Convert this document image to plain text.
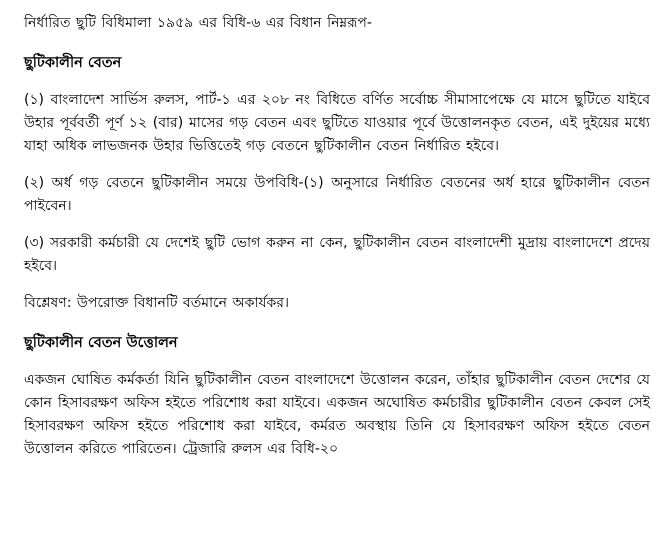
নির্ধারিত ছুটি বিধিমালা ১৯৫৯ এর বিধি-৬ এর বিধান নিম্নরূপ-

ছুটিকালীন বেতন

(১) বাংলাদেশ সার্ভিস রুলস, পার্ট-১ এর ২০৮ নং বিধিতে বর্ণিত সর্বোচ্চ সীমাসাপেক্ষে যে মাসে ছুটিতে যাইবে উহার পূর্ববর্তী পূর্ণ ১২ (বার) মাসের গড় বেতন এবং ছুটিতে যাওয়ার পূর্বে উত্তোলনকৃত বেতন, এই দুইয়ের মধ্যে যাহা অধিক লাভজনক উহার ভিত্তিতেই গড় বেতনে ছুটিকালীন বেতন নির্ধারিত হইবে।

(২) অর্ধ গড় বেতনে ছুটিকালীন সময়ে উপবিধি-(১) অনুসারে নির্ধারিত বেতনের অর্ধ হারে ছুটিকালীন বেতন পাইবেন।

(৩) সরকারী কর্মচারী যে দেশেই ছুটি ভোগ করুন না কেন, ছুটিকালীন বেতন বাংলাদেশী মুদ্রায় বাংলাদেশে প্রদেয় হইবে।

বিশ্লেষণ: উপরোক্ত বিধানটি বর্তমানে অকার্যকর।

ছুটিকালীন বেতন উত্তোলন

একজন ঘোষিত কর্মকর্তা যিনি ছুটিকালীন বেতন বাংলাদেশে উত্তোলন করেন, তাঁহার ছুটিকালীন বেতন দেশের যে কোন হিসাবরক্ষণ অফিস হইতে পরিশোধ করা যাইবে। একজন অঘোষিত কর্মচারীর ছুটিকালীন বেতন কেবল সেই হিসাবরক্ষণ অফিস হইতে পরিশোধ করা যাইবে, কর্মরত অবস্থায় তিনি যে হিসাবরক্ষণ অফিস হইতে বেতন উত্তোলন করিতে পারিতেন। ট্রেজারি রুলস এর বিধি-২০
